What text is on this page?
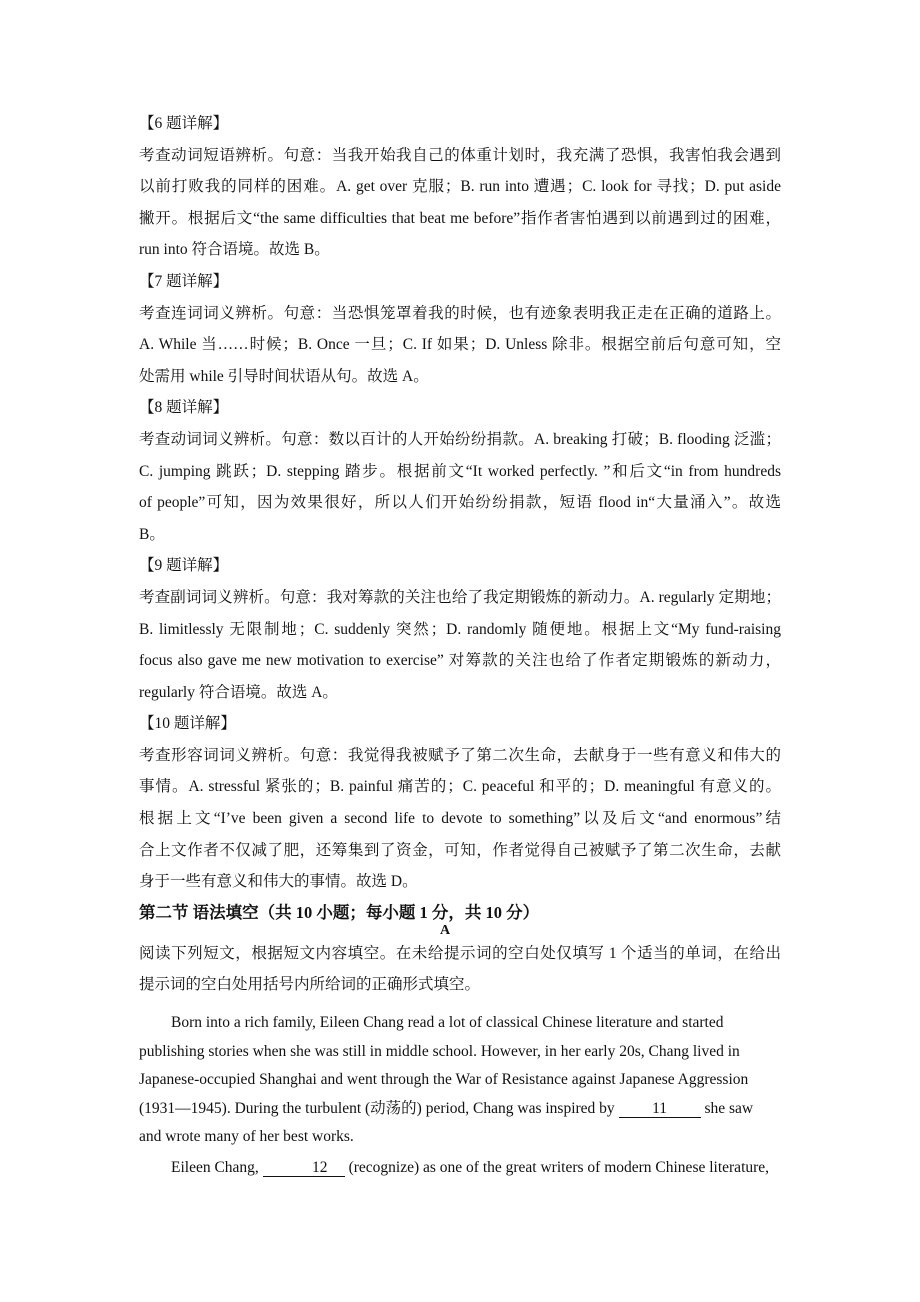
【6 题详解】
考查动词短语辨析。句意：当我开始我自己的体重计划时，我充满了恐惧，我害怕我会遇到
以前打败我的同样的困难。A. get over 克服；B. run into 遭遇；C. look for 寻找；D. put aside
撇开。根据后文“the same difficulties that beat me before”指作者害怕遇到以前遇到过的困难，
run into 符合语境。故选 B。
【7 题详解】
考查连词词义辨析。句意：当恐惧笼罩着我的时候，也有迹象表明我正走在正确的道路上。
A. While 当……时候；B. Once 一旦；C. If 如果；D. Unless 除非。根据空前后句意可知，空
处需用 while 引导时间状语从句。故选 A。
【8 题详解】
考查动词词义辨析。句意：数以百计的人开始纷纷捐款。A. breaking 打破；B. flooding 泛滥；
C. jumping 跳跃；D. stepping 踏步。根据前文“It worked perfectly. ”和后文“in from hundreds
of people”可知，因为效果很好，所以人们开始纷纷捐款，短语 flood in“大量涌入”。故选
B。
【9 题详解】
考查副词词义辨析。句意：我对筹款的关注也给了我定期锻炼的新动力。A. regularly 定期地；
B. limitlessly 无限制地；C. suddenly 突然；D. randomly 随便地。根据上文“My fund-raising
focus also gave me new motivation to exercise” 对筹款的关注也给了作者定期锻炼的新动力，
regularly 符合语境。故选 A。
【10 题详解】
考查形容词词义辨析。句意：我觉得我被赋予了第二次生命，去献身于一些有意义和伟大的
事情。A. stressful 紧张的；B. painful 痛苦的；C. peaceful 和平的；D. meaningful 有意义的。
根据上文“I’ve been given a second life to devote to something”以及后文“and enormous”结
合上文作者不仅减了肥，还筹集到了资金，可知，作者觉得自己被赋予了第二次生命，去献
身于一些有意义和伟大的事情。故选 D。
第二节 语法填空（共 10 小题；每小题 1 分，共 10 分）
A
阅读下列短文，根据短文内容填空。在未给提示词的空白处仅填写 1 个适当的单词，在给出
提示词的空白处用括号内所给词的正确形式填空。
Born into a rich family, Eileen Chang read a lot of classical Chinese literature and started
publishing stories when she was still in middle school. However, in her early 20s, Chang lived in
Japanese-occupied Shanghai and went through the War of Resistance against Japanese Aggression
(1931—1945). During the turbulent (动荡的) period, Chang was inspired by 11 she saw
and wrote many of her best works.
Eileen Chang,	12 (recognize) as one of the great writers of modern Chinese literature,
